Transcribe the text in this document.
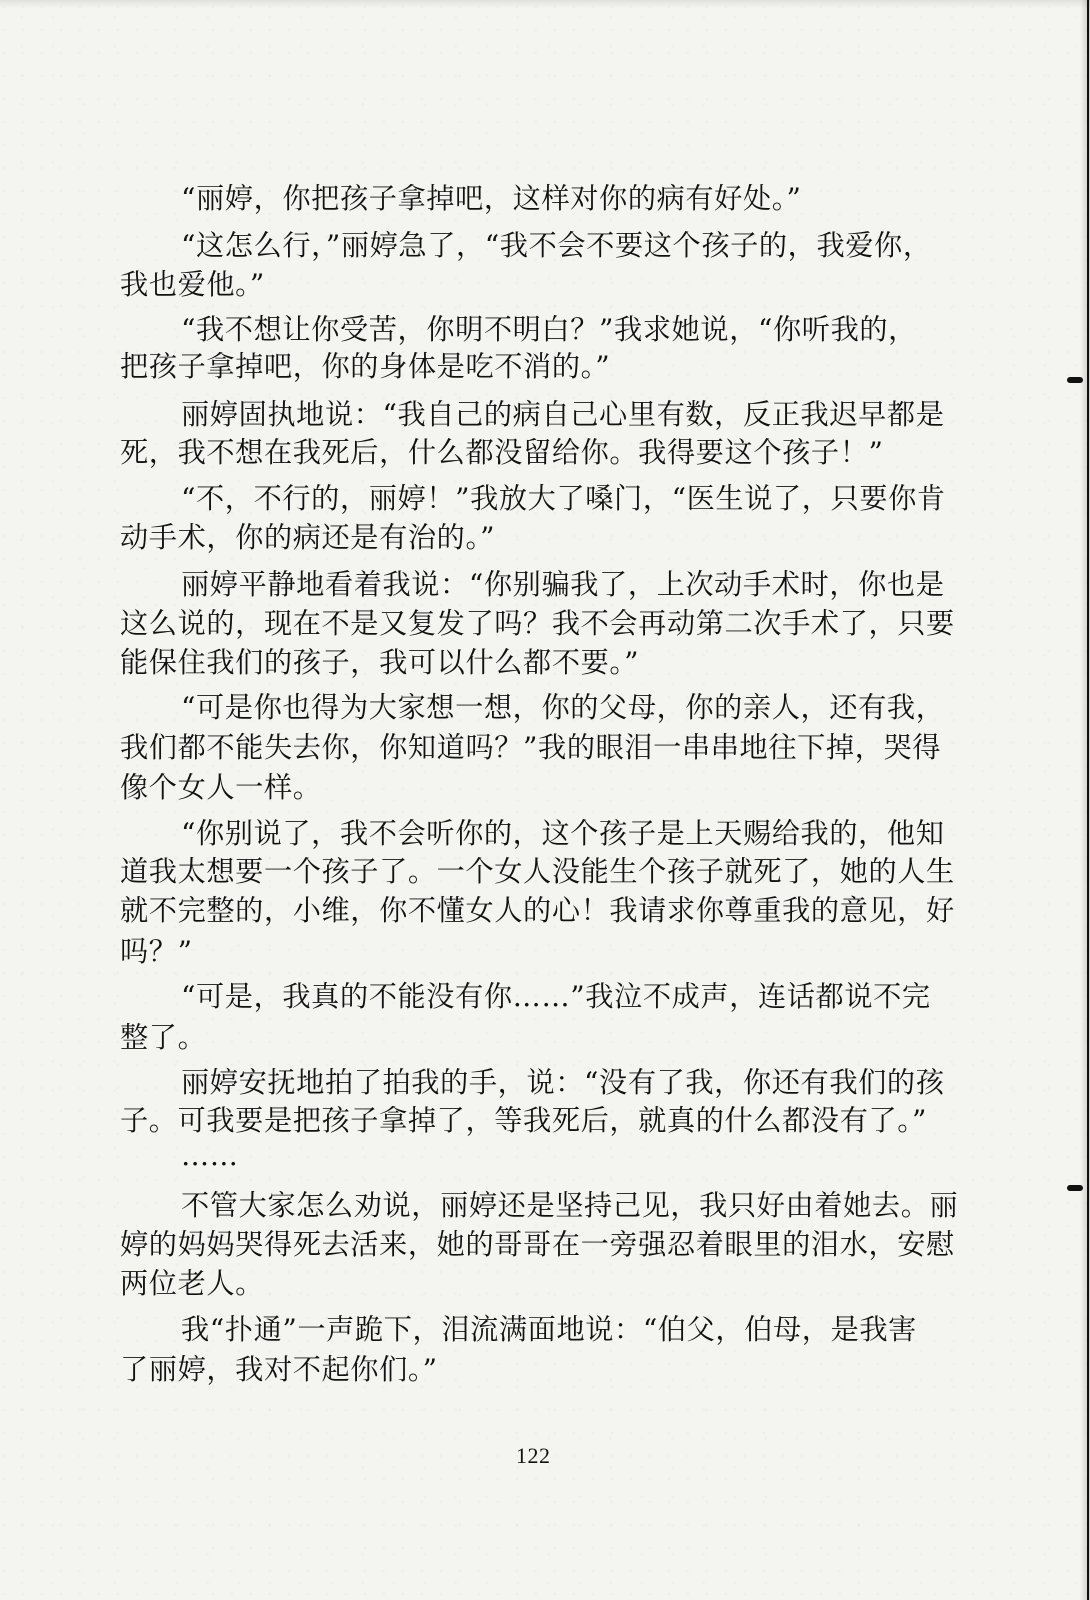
“丽婷，你把孩子拿掉吧，这样对你的病有好处。”
“这怎么行，”丽婷急了，“我不会不要这个孩子的，我爱你，
我也爱他。”
“我不想让你受苦，你明不明白？”我求她说，“你听我的，
把孩子拿掉吧，你的身体是吃不消的。”
丽婷固执地说：“我自己的病自己心里有数，反正我迟早都是
死，我不想在我死后，什么都没留给你。我得要这个孩子！”
“不，不行的，丽婷！”我放大了嗓门，“医生说了，只要你肯
动手术，你的病还是有治的。”
丽婷平静地看着我说：“你别骗我了，上次动手术时，你也是
这么说的，现在不是又复发了吗？我不会再动第二次手术了，只要
能保住我们的孩子，我可以什么都不要。”
“可是你也得为大家想一想，你的父母，你的亲人，还有我，
我们都不能失去你，你知道吗？”我的眼泪一串串地往下掉，哭得
像个女人一样。
“你别说了，我不会听你的，这个孩子是上天赐给我的，他知
道我太想要一个孩子了。一个女人没能生个孩子就死了，她的人生
就不完整的，小维，你不懂女人的心！我请求你尊重我的意见，好
吗？”
“可是，我真的不能没有你……”我泣不成声，连话都说不完
整了。
丽婷安抚地拍了拍我的手，说：“没有了我，你还有我们的孩
子。可我要是把孩子拿掉了，等我死后，就真的什么都没有了。”
……
不管大家怎么劝说，丽婷还是坚持己见，我只好由着她去。丽
婷的妈妈哭得死去活来，她的哥哥在一旁强忍着眼里的泪水，安慰
两位老人。
我“扑通”一声跪下，泪流满面地说：“伯父，伯母，是我害
了丽婷，我对不起你们。”
122
